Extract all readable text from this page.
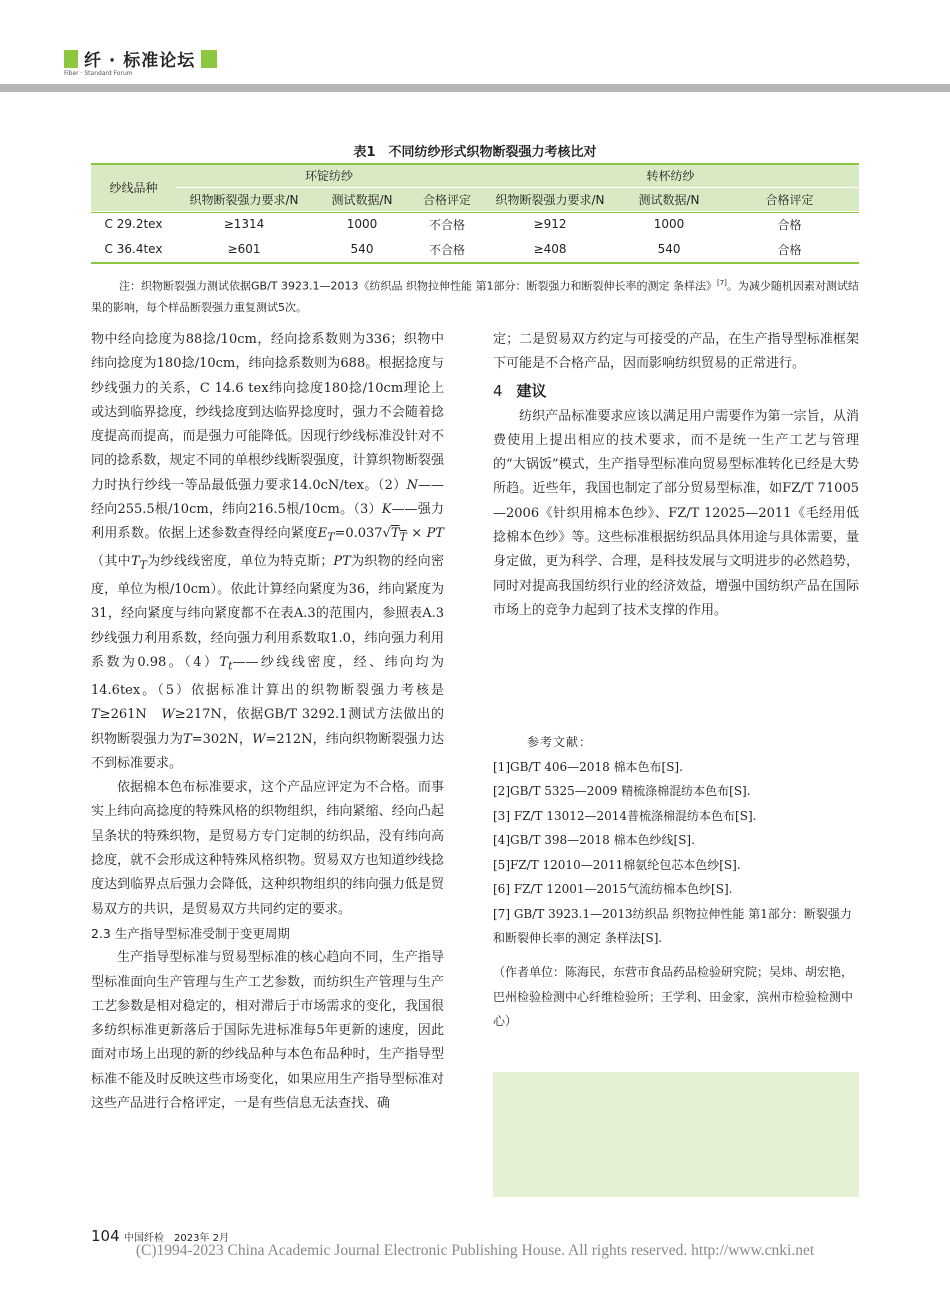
纤 · 标准论坛
Fiber · Standard Forum
表1　不同纺纱形式织物断裂强力考核比对
纱线品种	环锭纺纱			转杯纺纱		
	织物断裂强力要求/N	测试数据/N	合格评定	织物断裂强力要求/N	测试数据/N	合格评定
C 29.2tex	≥1314	1000	不合格	≥912	1000	合格
C 36.4tex	≥601	540	不合格	≥408	540	合格
注：织物断裂强力测试依据GB/T 3923.1—2013《纺织品 织物拉伸性能 第1部分：断裂强力和断裂伸长率的测定 条样法》[7]。为减少随机因素对测试结果的影响，每个样品断裂强力重复测试5次。

物中经向捻度为88捻/10cm，经向捻系数则为336；织物中纬向捻度为180捻/10cm，纬向捻系数则为688。根据捻度与纱线强力的关系，C 14.6 tex纬向捻度180捻/10cm理论上或达到临界捻度，纱线捻度到达临界捻度时，强力不会随着捻度提高而提高，而是强力可能降低。因现行纱线标准没针对不同的捻系数，规定不同的单根纱线断裂强度，计算织物断裂强力时执行纱线一等品最低强力要求14.0cN/tex。（2）N——经向255.5根/10cm，纬向216.5根/10cm。（3）K——强力利用系数。依据上述参数查得经向紧度$E_T=0.037√T_T \times PT$（其中$T_T$为纱线线密度，单位为特克斯；PT为织物的经向密度，单位为根/10cm）。依此计算经向紧度为36，纬向紧度为31，经向紧度与纬向紧度都不在表A.3的范围内，参照表A.3 纱线强力利用系数，经向强力利用系数取1.0，纬向强力利用系数为0.98。$(4)T_t——$纱线线密度，经、纬向均为14.6tex。（5）依据标准计算出的织物断裂强力考核是T≥261N　W≥217N，依据GB/T 3292.1测试方法做出的织物断裂强力为T=302N，W=212N，纬向织物断裂强力达不到标准要求。

依据棉本色布标准要求，这个产品应评定为不合格。而事实上纬向高捻度的特殊风格的织物组织，纬向紧缩、经向凸起呈条状的特殊织物，是贸易方专门定制的纺织品，没有纬向高捻度，就不会形成这种特殊风格织物。贸易双方也知道纱线捻度达到临界点后强力会降低，这种织物组织的纬向强力低是贸易双方的共识，是贸易双方共同约定的要求。

2.3 生产指导型标准受制于变更周期

生产指导型标准与贸易型标准的核心趋向不同，生产指导型标准面向生产管理与生产工艺参数，而纺织生产管理与生产工艺参数是相对稳定的，相对滞后于市场需求的变化，我国很多纺织标准更新落后于国际先进标准每5年更新的速度，因此面对市场上出现的新的纱线品种与本色布品种时，生产指导型标准不能及时反映这些市场变化，如果应用生产指导型标准对这些产品进行合格评定，一是有些信息无法查找、确

定；二是贸易双方约定与可接受的产品，在生产指导型标准框架下可能是不合格产品，因而影响纺织贸易的正常进行。

4 建议

纺织产品标准要求应该以满足用户需要作为第一宗旨，从消费使用上提出相应的技术要求，而不是统一生产工艺与管理的“大锅饭”模式，生产指导型标准向贸易型标准转化已经是大势所趋。近些年，我国也制定了部分贸易型标准，如FZ/T 71005—2006《针织用棉本色纱》、FZ/T 12025—2011《毛经用低捻棉本色纱》等。这些标准根据纺织品具体用途与具体需要，量身定做，更为科学、合理，是科技发展与文明进步的必然趋势，同时对提高我国纺织行业的经济效益，增强中国纺织产品在国际市场上的竞争力起到了技术支撑的作用。

参考文献：

[1]GB/T 406—2018 棉本色布[S].

[2]GB/T 5325—2009 精梳涤棉混纺本色布[S].

[3] FZ/T 13012—2014普梳涤棉混纺本色布[S].

[4]GB/T 398—2018 棉本色纱线[S].

[5]FZ/T 12010—2011棉氨纶包芯本色纱[S].

[6] FZ/T 12001—2015气流纺棉本色纱[S].

[7] GB/T 3923.1—2013纺织品 织物拉伸性能 第1部分：断裂强力和断裂伸长率的测定 条样法[S].

（作者单位：陈海民，东营市食品药品检验研究院；吴炜、胡宏艳，巴州检验检测中心纤维检验所；王学利、田金家，滨州市检验检测中心）
104 中国纤检　2023年 2月
(C)1994-2023 China Academic Journal Electronic Publishing House. All rights reserved. http://www.cnki.net
